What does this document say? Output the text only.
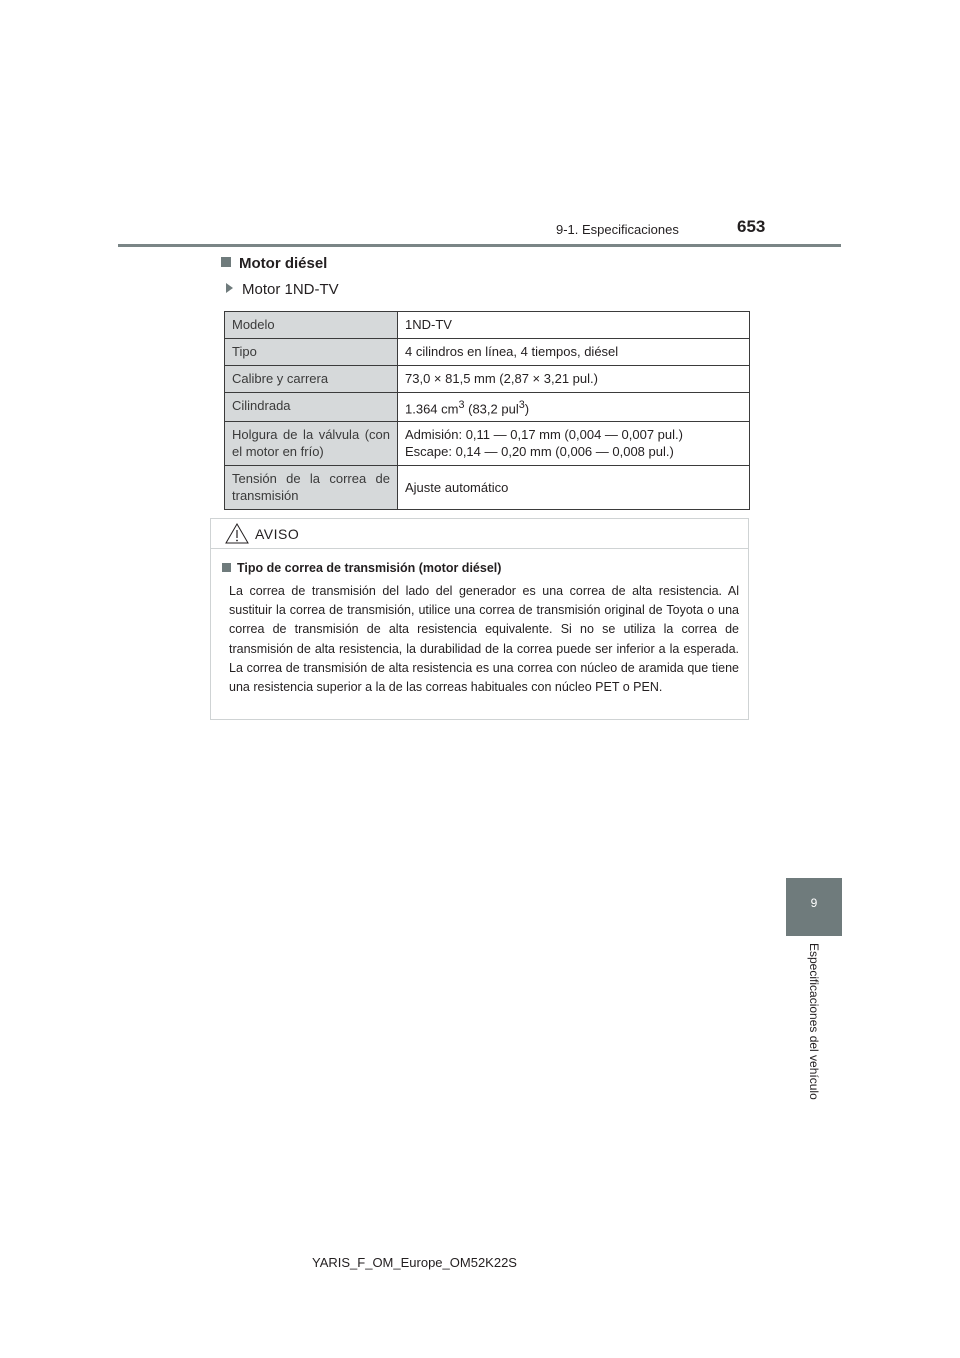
9-1. Especificaciones	653
Motor diésel
Motor 1ND-TV
Modelo	1ND-TV
Tipo	4 cilindros en línea, 4 tiempos, diésel
Calibre y carrera	73,0 × 81,5 mm (2,87 × 3,21 pul.)
Cilindrada	1.364 $cm^3$ (83,2 pul$^3$)
Holgura de la válvula (con el motor en frío)	Admisión: 0,11 — 0,17 mm (0,004 — 0,007 pul.)
Escape: 0,14 — 0,20 mm (0,006 — 0,008 pul.)

Tensión de la correa de transmisión	Ajuste automático
AVISO
Tipo de correa de transmisión (motor diésel)
La correa de transmisión del lado del generador es una correa de alta resistencia. Al sustituir la correa de transmisión, utilice una correa de transmisión original de Toyota o una correa de transmisión de alta resistencia equivalente. Si no se utiliza la correa de transmisión de alta resistencia, la durabilidad de la correa puede ser inferior a la esperada. La correa de transmisión de alta resistencia es una correa con núcleo de aramida que tiene una resistencia superior a la de las correas habituales con núcleo PET o PEN.
9
Especificaciones del vehículo
YARIS_F_OM_Europe_OM52K22S
